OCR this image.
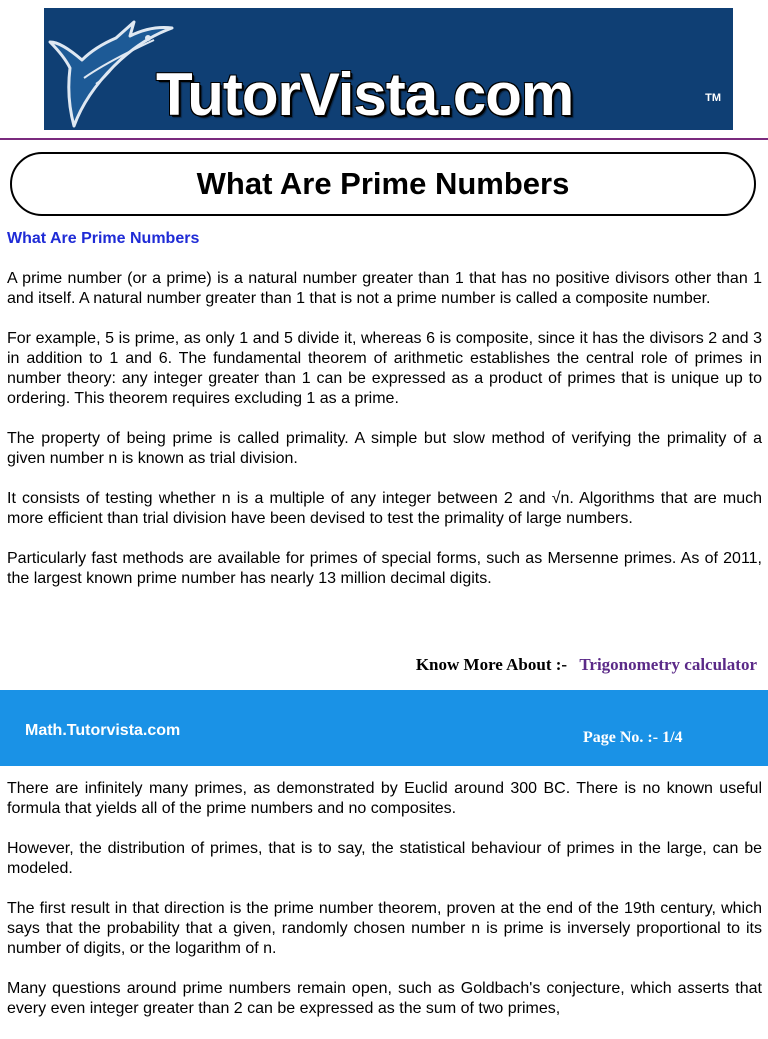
TutorVista.com	TM
What Are Prime Numbers
What Are Prime Numbers

A prime number (or a prime) is a natural number greater than 1 that has no positive divisors other than 1 and itself. A natural number greater than 1 that is not a prime number is called a composite number.

For example, 5 is prime, as only 1 and 5 divide it, whereas 6 is composite, since it has the divisors 2 and 3 in addition to 1 and 6. The fundamental theorem of arithmetic establishes the central role of primes in number theory: any integer greater than 1 can be expressed as a product of primes that is unique up to ordering. This theorem requires excluding 1 as a prime.

The property of being prime is called primality. A simple but slow method of verifying the primality of a given number n is known as trial division.

It consists of testing whether n is a multiple of any integer between 2 and √n. Algorithms that are much more efficient than trial division have been devised to test the primality of large numbers.

Particularly fast methods are available for primes of special forms, such as Mersenne primes. As of 2011, the largest known prime number has nearly 13 million decimal digits.

Know More About :- Trigonometry calculator
Math.Tutorvista.com	Page No. :- 1/4

There are infinitely many primes, as demonstrated by Euclid around 300 BC. There is no known useful formula that yields all of the prime numbers and no composites.

However, the distribution of primes, that is to say, the statistical behaviour of primes in the large, can be modeled.

The first result in that direction is the prime number theorem, proven at the end of the 19th century, which says that the probability that a given, randomly chosen number n is prime is inversely proportional to its number of digits, or the logarithm of n.

Many questions around prime numbers remain open, such as Goldbach's conjecture, which asserts that every even integer greater than 2 can be expressed as the sum of two primes,
